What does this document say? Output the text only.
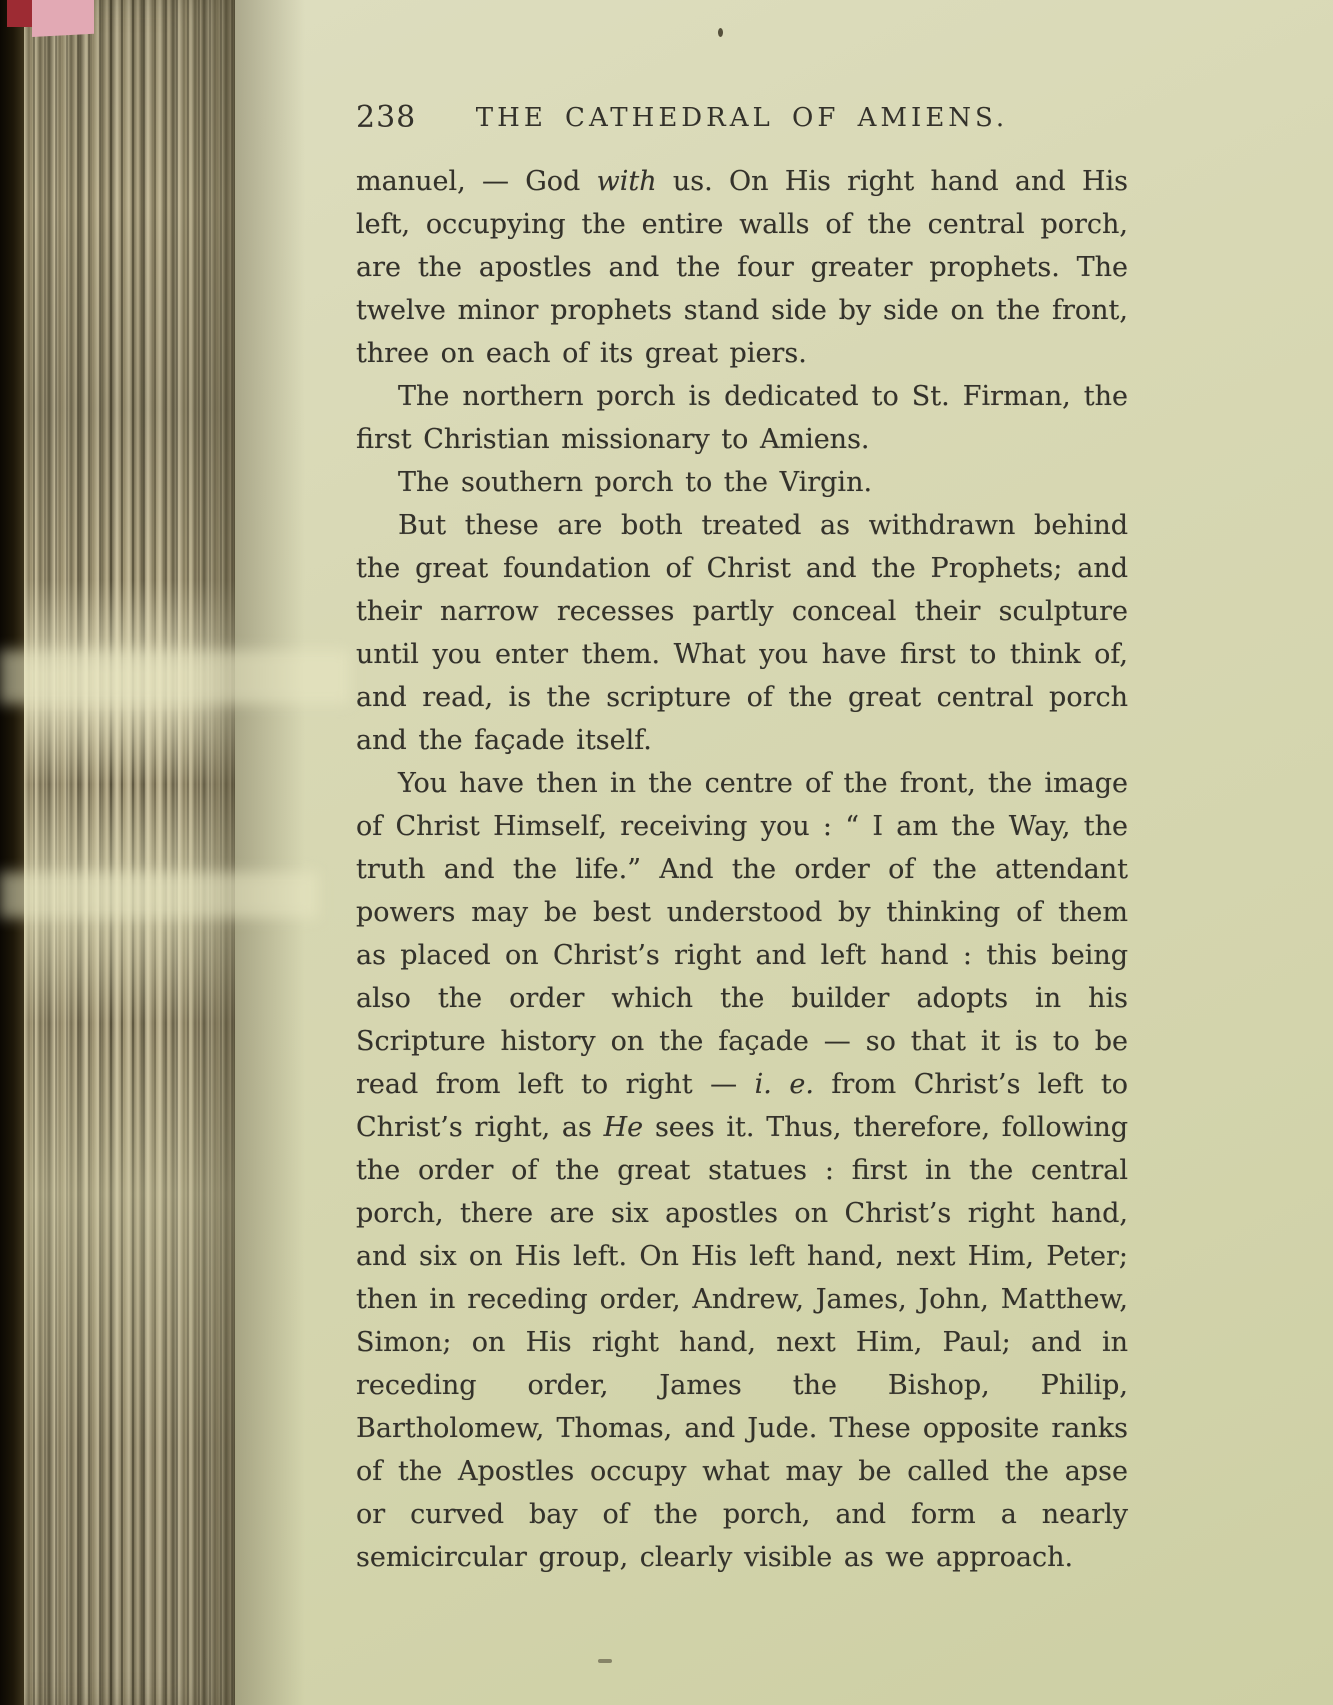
238	THE CATHEDRAL OF AMIENS.

manuel, — God with us. On His right hand and His left, occupying the entire walls of the central porch, are the apostles and the four greater prophets. The twelve minor prophets stand side by side on the front, three on each of its great piers.

The northern porch is dedicated to St. Firman, the first Christian missionary to Amiens.

The southern porch to the Virgin.

But these are both treated as withdrawn behind the great foundation of Christ and the Prophets; and their narrow recesses partly conceal their sculpture until you enter them. What you have first to think of, and read, is the scripture of the great central porch and the façade itself.

You have then in the centre of the front, the image of Christ Himself, receiving you : “ I am the Way, the truth and the life.” And the order of the attendant powers may be best understood by thinking of them as placed on Christ’s right and left hand : this being also the order which the builder adopts in his Scripture history on the façade — so that it is to be read from left to right — i. e. from Christ’s left to Christ’s right, as He sees it. Thus, therefore, following the order of the great statues : first in the central porch, there are six apostles on Christ’s right hand, and six on His left. On His left hand, next Him, Peter; then in receding order, Andrew, James, John, Matthew, Simon; on His right hand, next Him, Paul; and in receding order, James the Bishop, Philip, Bartholomew, Thomas, and Jude. These opposite ranks of the Apostles occupy what may be called the apse or curved bay of the porch, and form a nearly semicircular group, clearly visible as we approach.
